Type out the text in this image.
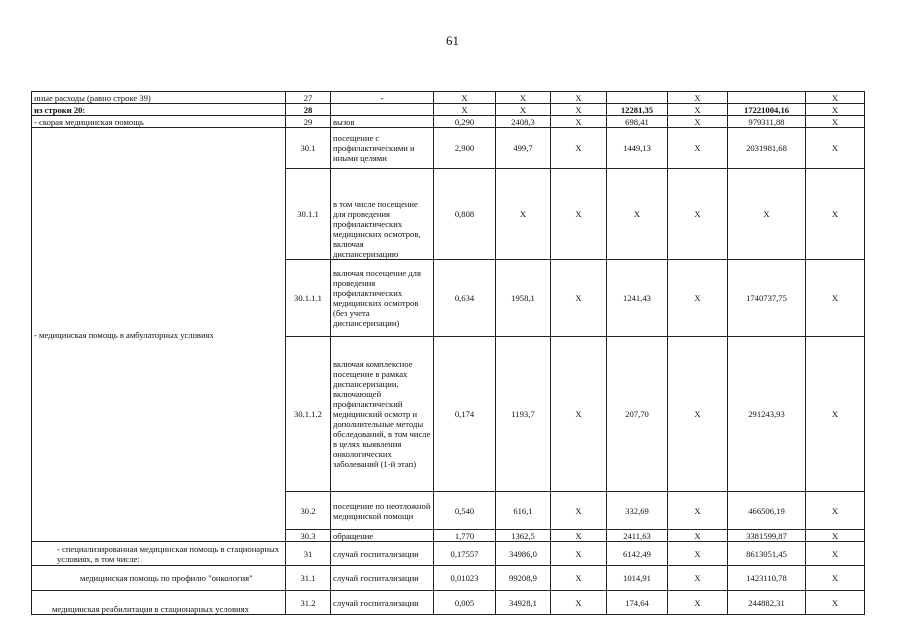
61
иные расходы (равно строке 39)	27	-	X	X	X		X		X
из строки 20:	28		X	X	X	12281,35	X	17221004,16	X
- скорая медицинская помощь	29	вызов	0,290	2408,3	X	698,41	X	979311,88	X
- медицинская помощь в амбулаторных условиях	30.1	посещение с профилактическими и иными целями	2,900	499,7	X	1449,13	X	2031981,68	X
	30.1.1	в том числе посещение для проведения профилактических медицинских осмотров, включая диспансеризацию	0,808	X	X	X	X	X	X
	30.1.1.1	включая посещение для проведения профилактических медицинских осмотров (без учета диспансеризации)	0,634	1958,1	X	1241,43	X	1740737,75	X
	30.1.1.2	включая комплексное посещение в рамках диспансеризации, включающей профилактический медицинский осмотр и дополнительные методы обследований, в том числе в целях выявления онкологических заболеваний (1-й этап)	0,174	1193,7	X	207,70	X	291243,93	X
	30.2	посещение по неотложной медицинской помощи	0,540	616,1	X	332,69	X	466506,19	X
	30.3	обращение	1,770	1362,5	X	2411,63	X	3381599,87	X
- специализированная медицинская помощь в стационарных условиях, в том числе:	31	случай госпитализации	0,17557	34986,0	X	6142,49	X	8613051,45	X
медицинская помощь по профилю "онкология"	31.1	случай госпитализации	0,01023	99208,9	X	1014,91	X	1423110,78	X
медицинская реабилитация в стационарных условиях	31.2	случай госпитализации	0,005	34928,1	X	174,64	X	244882,31	X
